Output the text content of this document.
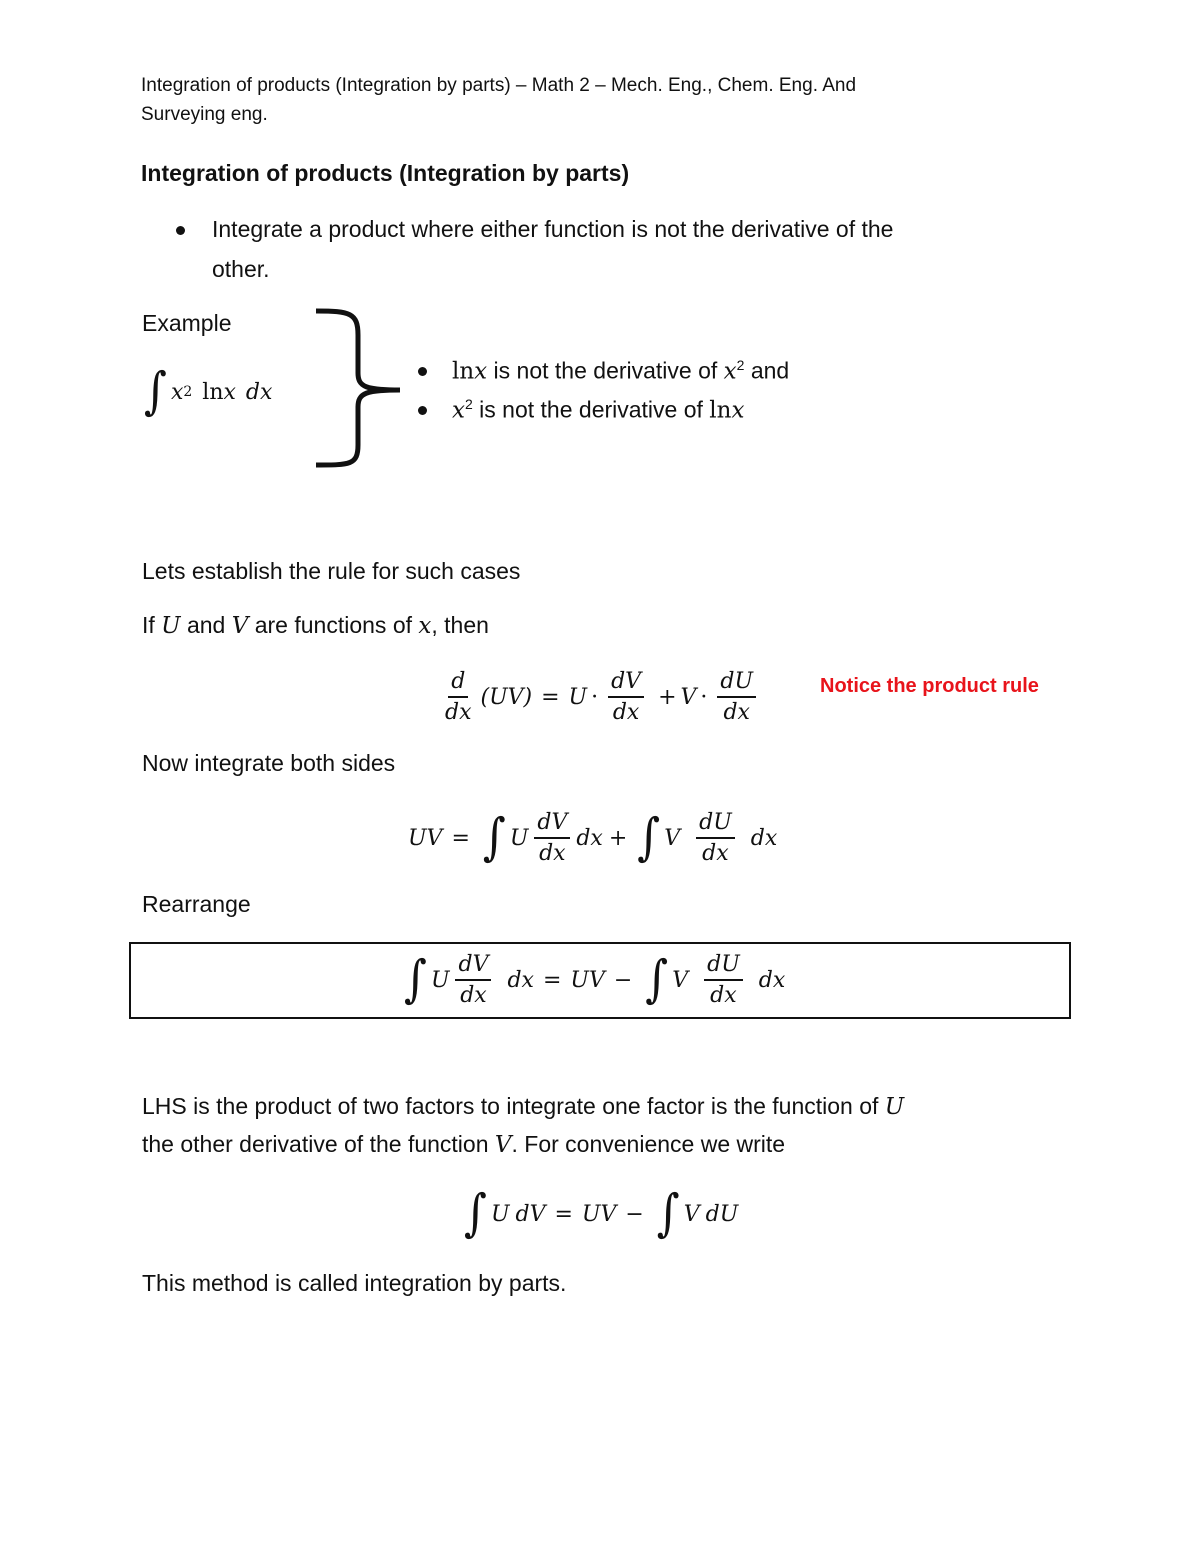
Integration of products (Integration by parts) – Math 2 – Mech. Eng., Chem. Eng. And
Surveying eng.
Integration of products (Integration by parts)
Integrate a product where either function is not the derivative of the
other.
Example
∫ x 2 ln x dx
lnx is not the derivative of $x^2$ and
$x^2$ is not the derivative of lnx
Lets establish the rule for such cases
If U and V are functions of x, then
$\frac{d}{dx} (UV) = U \cdot \frac{dV}{dx} + V \cdot \frac{dU}{dx}$	Notice the product rule
Now integrate both sides
UV = ∫ U $\frac{dV}{dx}$ dx + ∫ V $\frac{dU}{dx}$ dx
Rearrange
∫ U $\frac{dV}{dx}$ dx = UV − ∫ V $\frac{dU}{dx}$ dx
LHS is the product of two factors to integrate one factor is the function of U
the other derivative of the function V. For convenience we write
∫ U dV = UV − ∫ V dU
This method is called integration by parts.
